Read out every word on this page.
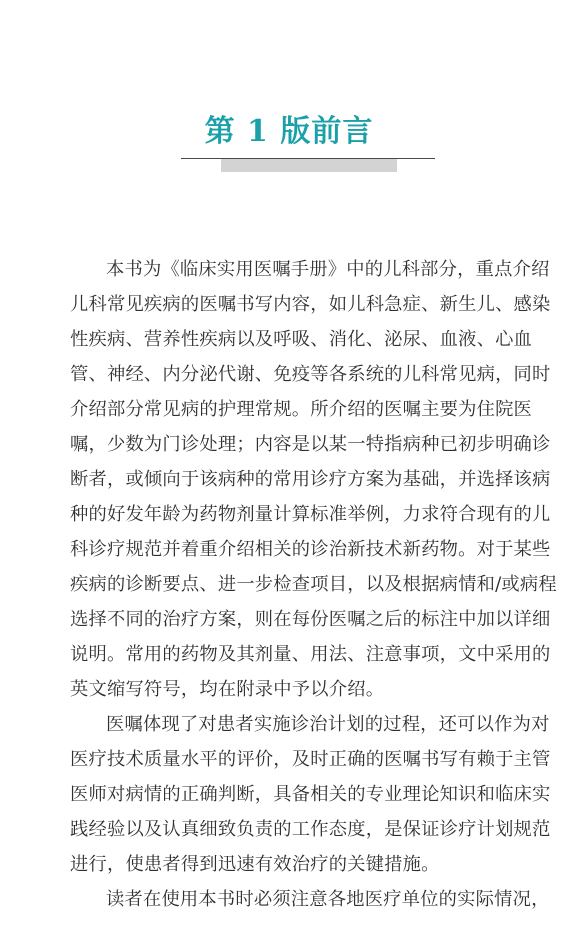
第 1 版前言
本书为《临床实用医嘱手册》中的儿科部分，重点介绍
儿科常见疾病的医嘱书写内容，如儿科急症、新生儿、感染
性疾病、营养性疾病以及呼吸、消化、泌尿、血液、心血
管、神经、内分泌代谢、免疫等各系统的儿科常见病，同时
介绍部分常见病的护理常规。所介绍的医嘱主要为住院医
嘱，少数为门诊处理；内容是以某一特指病种已初步明确诊
断者，或倾向于该病种的常用诊疗方案为基础，并选择该病
种的好发年龄为药物剂量计算标准举例，力求符合现有的儿
科诊疗规范并着重介绍相关的诊治新技术新药物。对于某些
疾病的诊断要点、进一步检查项目，以及根据病情和/或病程
选择不同的治疗方案，则在每份医嘱之后的标注中加以详细
说明。常用的药物及其剂量、用法、注意事项，文中采用的
英文缩写符号，均在附录中予以介绍。
医嘱体现了对患者实施诊治计划的过程，还可以作为对
医疗技术质量水平的评价，及时正确的医嘱书写有赖于主管
医师对病情的正确判断，具备相关的专业理论知识和临床实
践经验以及认真细致负责的工作态度，是保证诊疗计划规范
进行，使患者得到迅速有效治疗的关键措施。
读者在使用本书时必须注意各地医疗单位的实际情况，
